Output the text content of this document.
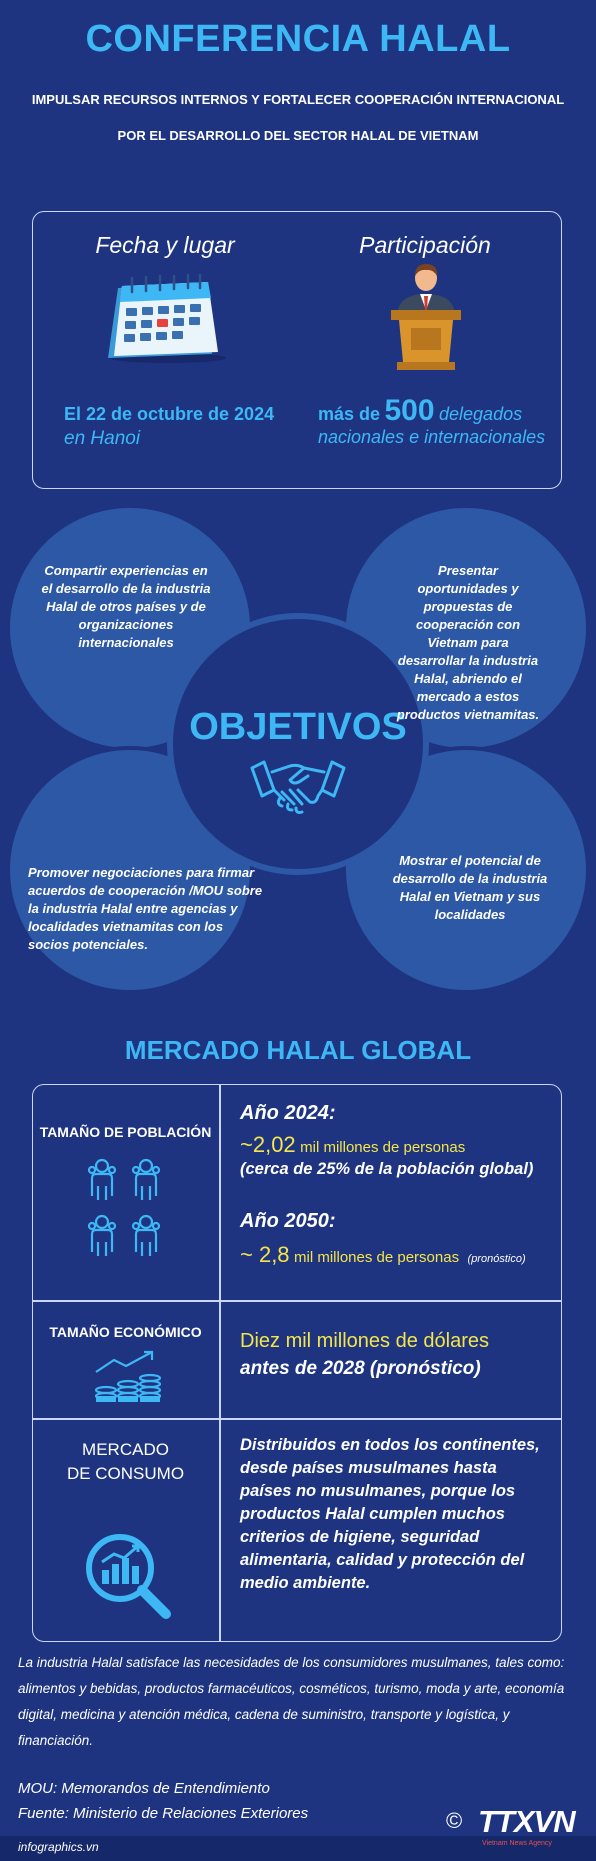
CONFERENCIA HALAL
IMPULSAR RECURSOS INTERNOS Y FORTALECER COOPERACIÓN INTERNACIONAL
POR EL DESARROLLO DEL SECTOR HALAL DE VIETNAM
Fecha y lugar	Participación
El 22 de octubre de 2024
en Hanoi
más de 500 delegados
nacionales e internacionales
OBJETIVOS
Compartir experiencias en el desarrollo de la industria Halal de otros países y de organizaciones internacionales
Presentar oportunidades y propuestas de cooperación con Vietnam para desarrollar la industria Halal, abriendo el mercado a estos productos vietnamitas.
Promover negociaciones para firmar acuerdos de cooperación /MOU sobre la industria Halal entre agencias y localidades vietnamitas con los socios potenciales.
Mostrar el potencial de desarrollo de la industria Halal en Vietnam y sus localidades
MERCADO HALAL GLOBAL
TAMAÑO DE POBLACIÓN
Año 2024:
~2,02 mil millones de personas
(cerca de 25% de la población global)
Año 2050:
~ 2,8 mil millones de personas (pronóstico)
TAMAÑO ECONÓMICO	Diez mil millones de dólares
antes de 2028 (pronóstico)
MERCADO
DE CONSUMO
Distribuidos en todos los continentes, desde países musulmanes hasta países no musulmanes, porque los productos Halal cumplen muchos criterios de higiene, seguridad alimentaria, calidad y protección del medio ambiente.
La industria Halal satisface las necesidades de los consumidores musulmanes, tales como: alimentos y bebidas, productos farmacéuticos, cosméticos, turismo, moda y arte, economía digital, medicina y atención médica, cadena de suministro, transporte y logística, y financiación.
MOU: Memorandos de Entendimiento
Fuente: Ministerio de Relaciones Exteriores
infographics.vn
© TTXVN
Vietnam News Agency
